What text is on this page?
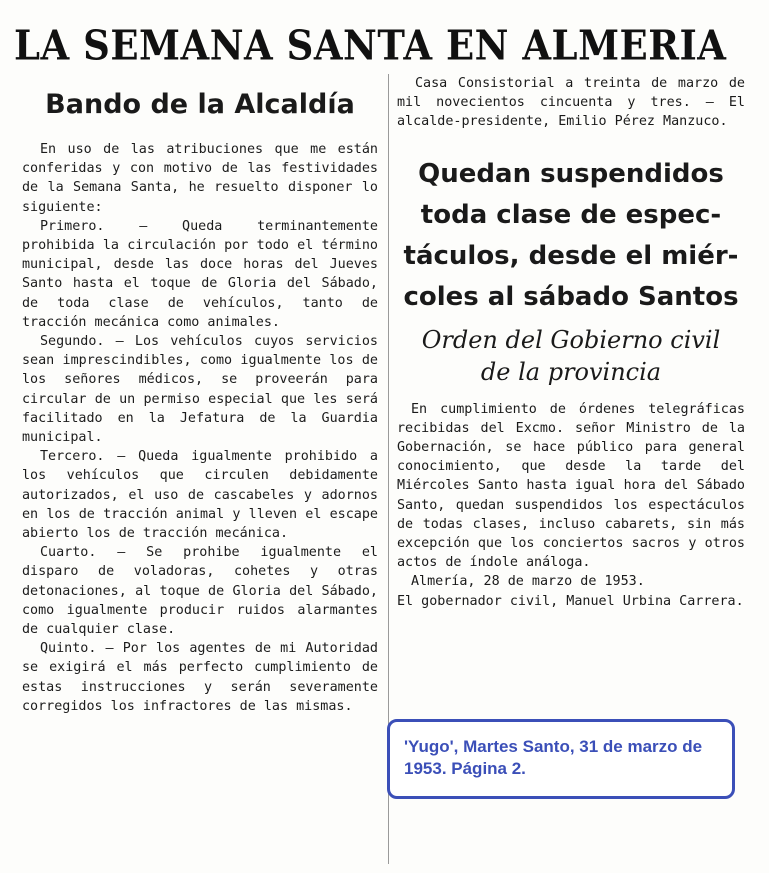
LA SEMANA SANTA EN ALMERIA
Bando de la Alcaldía

En uso de las atribuciones que me están conferidas y con motivo de las festividades de la Semana Santa, he resuelto disponer lo siguiente:

Primero. — Queda terminantemente prohibida la circulación por todo el término municipal, desde las doce horas del Jueves Santo hasta el toque de Gloria del Sábado, de toda clase de vehículos, tanto de tracción mecánica como animales.

Segundo. — Los vehículos cuyos servicios sean imprescindibles, como igualmente los de los señores médicos, se proveerán para circular de un permiso especial que les será facilitado en la Jefatura de la Guardia municipal.

Tercero. — Queda igualmente prohibido a los vehículos que circulen debidamente autorizados, el uso de cascabeles y adornos en los de tracción animal y lleven el escape abierto los de tracción mecánica.

Cuarto. — Se prohibe igualmente el disparo de voladoras, cohetes y otras detonaciones, al toque de Gloria del Sábado, como igualmente producir ruidos alarmantes de cualquier clase.

Quinto. — Por los agentes de mi Autoridad se exigirá el más perfecto cumplimiento de estas instrucciones y serán severamente corregidos los infractores de las mismas.

Casa Consistorial a treinta de marzo de mil novecientos cincuenta y tres. — El alcalde-presidente, Emilio Pérez Manzuco.

Quedan suspendidos
toda clase de espec-
táculos, desde el miér-
coles al sábado Santos
Orden del Gobierno civil
de la provincia

En cumplimiento de órdenes telegráficas recibidas del Excmo. señor Ministro de la Gobernación, se hace público para general conocimiento, que desde la tarde del Miércoles Santo hasta igual hora del Sábado Santo, quedan suspendidos los espectáculos de todas clases, incluso cabarets, sin más excepción que los conciertos sacros y otros actos de índole análoga.

Almería, 28 de marzo de 1953.

El gobernador civil, Manuel Urbina Carrera.

'Yugo', Martes Santo, 31 de marzo de 1953. Página 2.
